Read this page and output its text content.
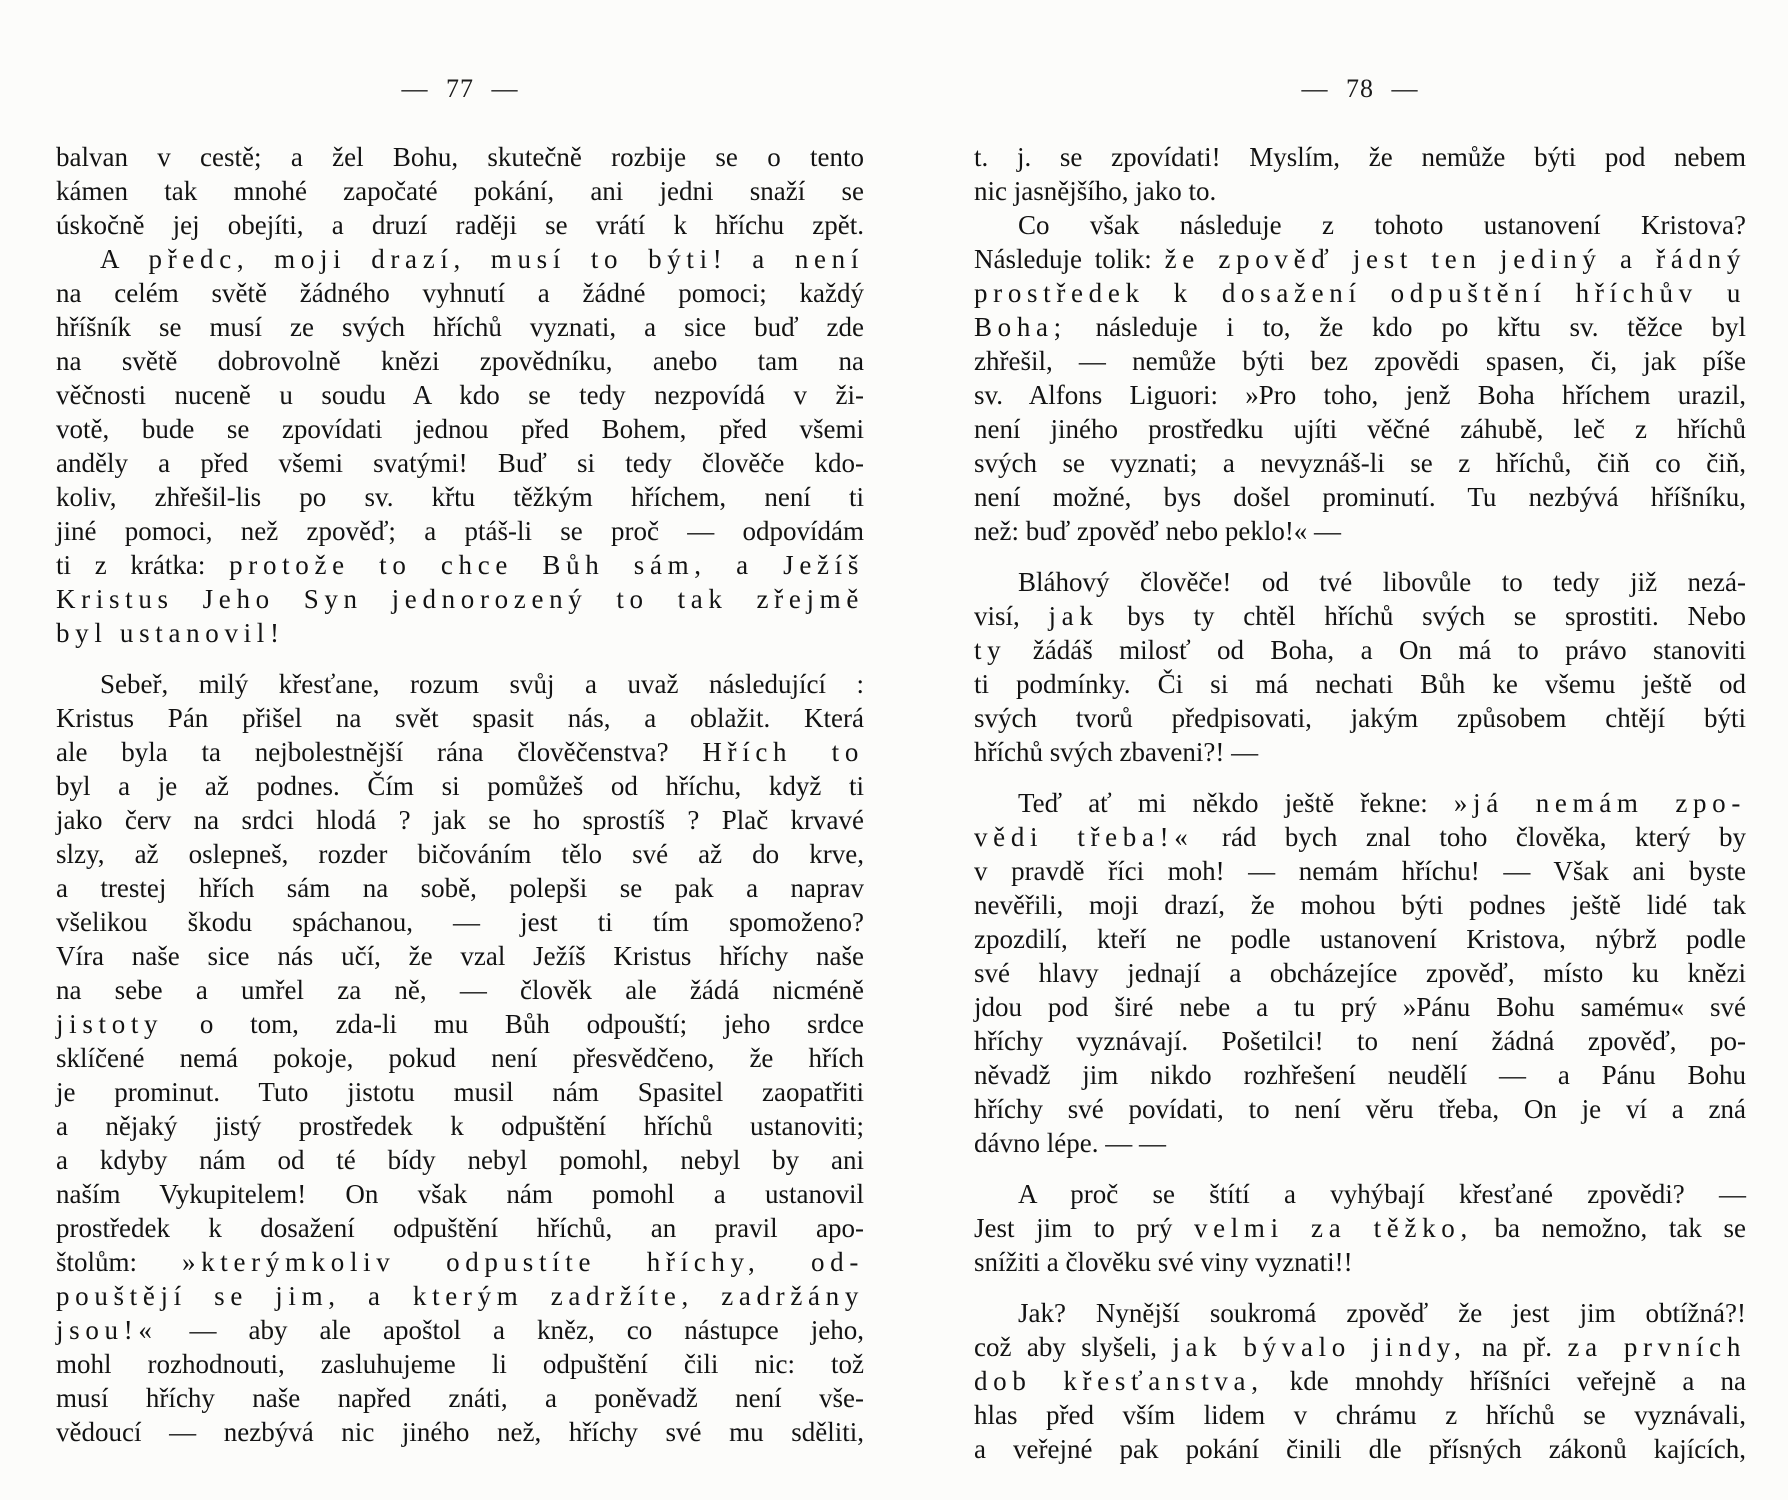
— 77 —
balvan v cestě; a žel Bohu, skutečně rozbije se o tento
kámen tak mnohé započaté pokání, ani jedni snaží se
úskočně jej obejíti, a druzí raději se vrátí k hříchu zpět.
A předc, moji drazí, musí to býti! a není
na celém světě žádného vyhnutí a žádné pomoci; každý
hříšník se musí ze svých hříchů vyznati, a sice buď zde
na světě dobrovolně knězi zpovědníku, anebo tam na
věčnosti nuceně u soudu A kdo se tedy nezpovídá v ži-
votě, bude se zpovídati jednou před Bohem, před všemi
anděly a před všemi svatými! Buď si tedy člověče kdo-
koliv, zhřešil-lis po sv. křtu těžkým hříchem, není ti
jiné pomoci, než zpověď; a ptáš-li se proč — odpovídám
ti z krátka: protože to chce Bůh sám, a Ježíš
Kristus Jeho Syn jednorozený to tak zřejmě
byl ustanovil!
Sebeř, milý křesťane, rozum svůj a uvaž následující :
Kristus Pán přišel na svět spasit nás, a oblažit. Která
ale byla ta nejbolestnější rána člověčenstva? Hřích to
byl a je až podnes. Čím si pomůžeš od hříchu, když ti
jako červ na srdci hlodá ? jak se ho sprostíš ? Plač krvavé
slzy, až oslepneš, rozder bičováním tělo své až do krve,
a trestej hřích sám na sobě, polepši se pak a naprav
všelikou škodu spáchanou, — jest ti tím spomoženo?
Víra naše sice nás učí, že vzal Ježíš Kristus hříchy naše
na sebe a umřel za ně, — člověk ale žádá nicméně
jistoty o tom, zda-li mu Bůh odpouští; jeho srdce
sklíčené nemá pokoje, pokud není přesvědčeno, že hřích
je prominut. Tuto jistotu musil nám Spasitel zaopatřiti
a nějaký jistý prostředek k odpuštění hříchů ustanoviti;
a kdyby nám od té bídy nebyl pomohl, nebyl by ani
naším Vykupitelem! On však nám pomohl a ustanovil
prostředek k dosažení odpuštění hříchů, an pravil apo-
štolům: »kterýmkoliv odpustíte hříchy, od-
pouštějí se jim, a kterým zadržíte, zadržány
jsou!« — aby ale apoštol a kněz, co nástupce jeho,
mohl rozhodnouti, zasluhujeme li odpuštění čili nic: tož
musí hříchy naše napřed znáti, a poněvadž není vše-
vědoucí — nezbývá nic jiného než, hříchy své mu sděliti,
— 78 —
t. j. se zpovídati! Myslím, že nemůže býti pod nebem
nic jasnějšího, jako to.
Co však následuje z tohoto ustanovení Kristova?
Následuje tolik: že zpověď jest ten jediný a řádný
prostředek k dosažení odpuštění hříchův u
Boha; následuje i to, že kdo po křtu sv. těžce byl
zhřešil, — nemůže býti bez zpovědi spasen, či, jak píše
sv. Alfons Liguori: »Pro toho, jenž Boha hříchem urazil,
není jiného prostředku ujíti věčné záhubě, leč z hříchů
svých se vyznati; a nevyznáš-li se z hříchů, čiň co čiň,
není možné, bys došel prominutí. Tu nezbývá hříšníku,
než: buď zpověď nebo peklo!« —
Bláhový člověče! od tvé libovůle to tedy již nezá-
visí, jak bys ty chtěl hříchů svých se sprostiti. Nebo
ty žádáš milosť od Boha, a On má to právo stanoviti
ti podmínky. Či si má nechati Bůh ke všemu ještě od
svých tvorů předpisovati, jakým způsobem chtějí býti
hříchů svých zbaveni?! —
Teď ať mi někdo ještě řekne: »já nemám zpo-
vědi třeba!« rád bych znal toho člověka, který by
v pravdě říci moh! — nemám hříchu! — Však ani byste
nevěřili, moji drazí, že mohou býti podnes ještě lidé tak
zpozdilí, kteří ne podle ustanovení Kristova, nýbrž podle
své hlavy jednají a obcházejíce zpověď, místo ku knězi
jdou pod širé nebe a tu prý »Pánu Bohu samému« své
hříchy vyznávají. Pošetilci! to není žádná zpověď, po-
něvadž jim nikdo rozhřešení neudělí — a Pánu Bohu
hříchy své povídati, to není věru třeba, On je ví a zná
dávno lépe. — —
A proč se štítí a vyhýbají křesťané zpovědi? —
Jest jim to prý velmi za těžko, ba nemožno, tak se
snížiti a člověku své viny vyznati!!
Jak? Nynější soukromá zpověď že jest jim obtížná?!
což aby slyšeli, jak bývalo jindy, na př. za prvních
dob křesťanstva, kde mnohdy hříšníci veřejně a na
hlas před vším lidem v chrámu z hříchů se vyznávali,
a veřejné pak pokání činili dle přísných zákonů kajících,
